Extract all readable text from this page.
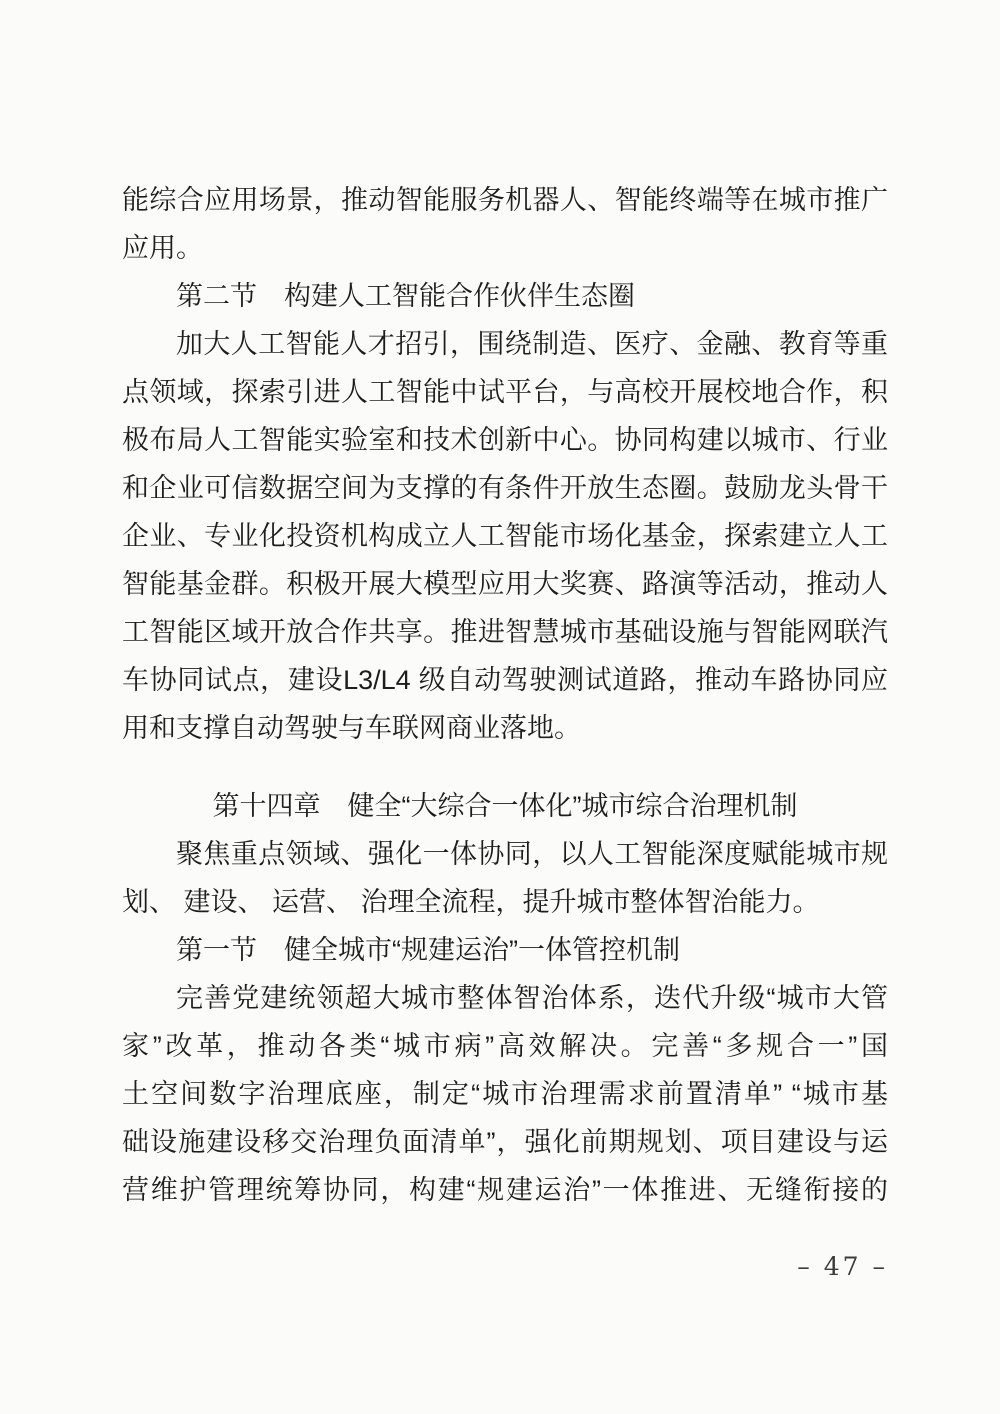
能综合应用场景，推动智能服务机器人、智能终端等在城市推广
应用。
第二节　构建人工智能合作伙伴生态圈
加大人工智能人才招引，围绕制造、医疗、金融、教育等重
点领域，探索引进人工智能中试平台，与高校开展校地合作，积
极布局人工智能实验室和技术创新中心。协同构建以城市、行业
和企业可信数据空间为支撑的有条件开放生态圈。鼓励龙头骨干
企业、专业化投资机构成立人工智能市场化基金，探索建立人工
智能基金群。积极开展大模型应用大奖赛、路演等活动，推动人
工智能区域开放合作共享。推进智慧城市基础设施与智能网联汽
车协同试点，建设L3/L4 级自动驾驶测试道路，推动车路协同应
用和支撑自动驾驶与车联网商业落地。
第十四章　健全“大综合一体化”城市综合治理机制
聚焦重点领域、强化一体协同，以人工智能深度赋能城市规
划、 建设、 运营、 治理全流程，提升城市整体智治能力。
第一节　健全城市“规建运治”一体管控机制
完善党建统领超大城市整体智治体系，迭代升级“城市大管
家”改革，推动各类“城市病”高效解决。完善“多规合一”国
土空间数字治理底座，制定“城市治理需求前置清单” “城市基
础设施建设移交治理负面清单”，强化前期规划、项目建设与运
营维护管理统筹协同，构建“规建运治”一体推进、无缝衔接的
– 47 –
